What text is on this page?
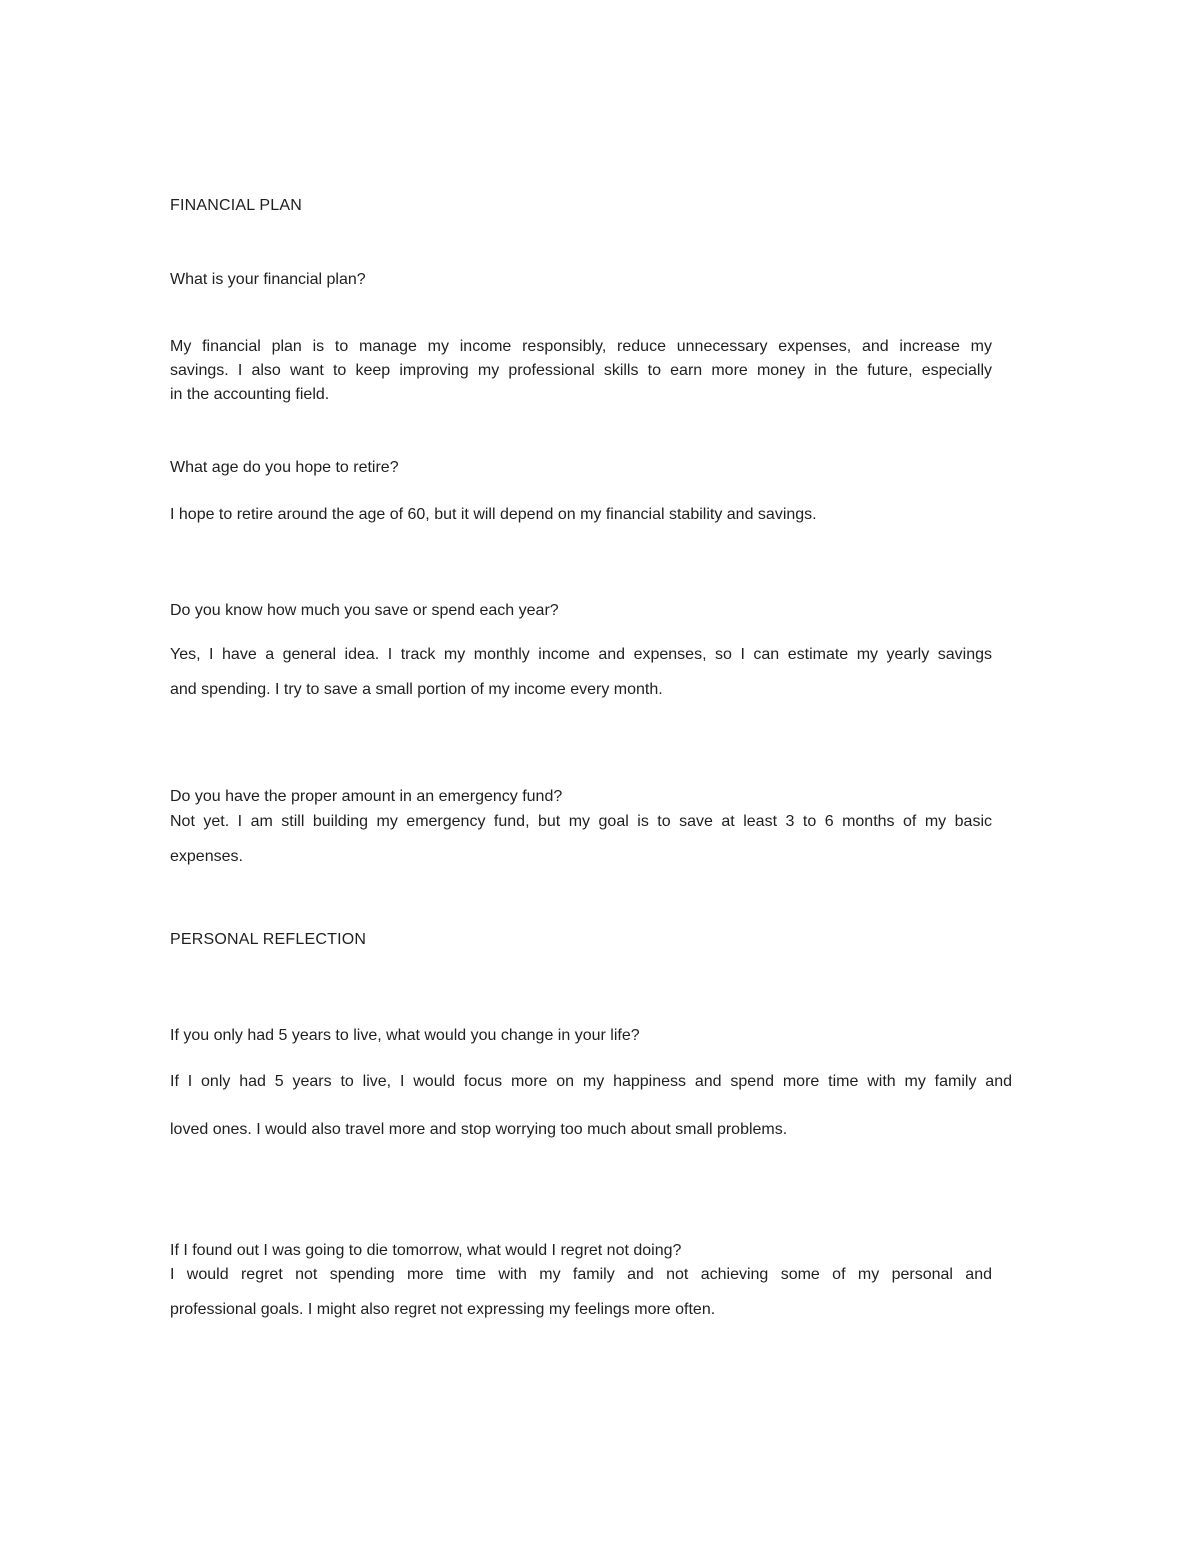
FINANCIAL PLAN
What is your financial plan?
My financial plan is to manage my income responsibly, reduce unnecessary expenses, and increase my
savings. I also want to keep improving my professional skills to earn more money in the future, especially
in the accounting field.
What age do you hope to retire?
I hope to retire around the age of 60, but it will depend on my financial stability and savings.
Do you know how much you save or spend each year?
Yes, I have a general idea. I track my monthly income and expenses, so I can estimate my yearly savings
and spending. I try to save a small portion of my income every month.
Do you have the proper amount in an emergency fund?
Not yet. I am still building my emergency fund, but my goal is to save at least 3 to 6 months of my basic
expenses.
PERSONAL REFLECTION
If you only had 5 years to live, what would you change in your life?
If I only had 5 years to live, I would focus more on my happiness and spend more time with my family and
loved ones. I would also travel more and stop worrying too much about small problems.
If I found out I was going to die tomorrow, what would I regret not doing?
I would regret not spending more time with my family and not achieving some of my personal and
professional goals. I might also regret not expressing my feelings more often.
